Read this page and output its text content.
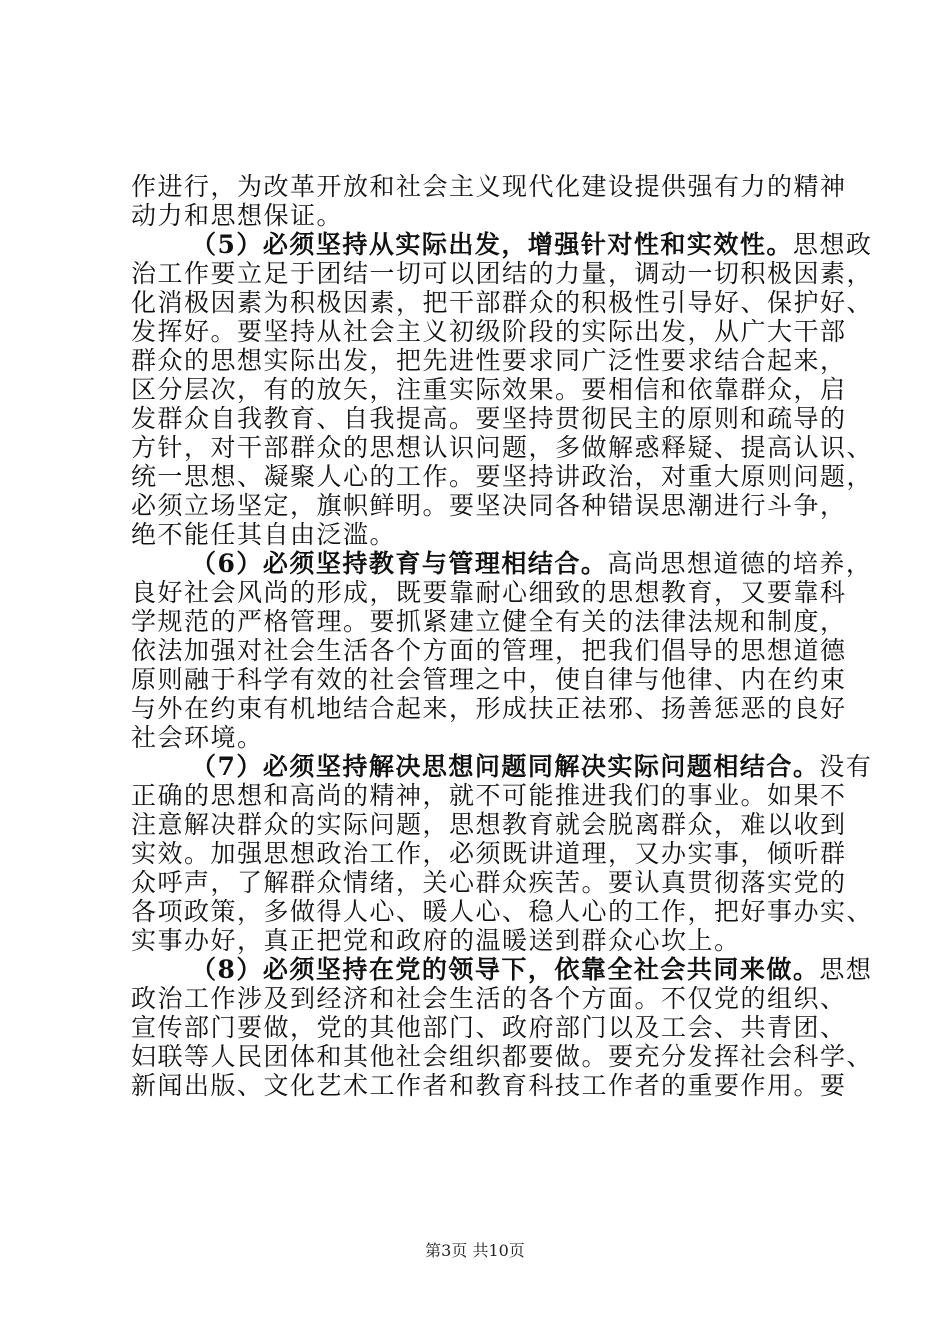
作进行，为改革开放和社会主义现代化建设提供强有力的精神
动力和思想保证。
（5）必须坚持从实际出发，增强针对性和实效性。思想政
治工作要立足于团结一切可以团结的力量，调动一切积极因素，
化消极因素为积极因素，把干部群众的积极性引导好、保护好、
发挥好。要坚持从社会主义初级阶段的实际出发，从广大干部
群众的思想实际出发，把先进性要求同广泛性要求结合起来，
区分层次，有的放矢，注重实际效果。要相信和依靠群众，启
发群众自我教育、自我提高。要坚持贯彻民主的原则和疏导的
方针，对干部群众的思想认识问题，多做解惑释疑、提高认识、
统一思想、凝聚人心的工作。要坚持讲政治，对重大原则问题，
必须立场坚定，旗帜鲜明。要坚决同各种错误思潮进行斗争，
绝不能任其自由泛滥。
（6）必须坚持教育与管理相结合。高尚思想道德的培养，
良好社会风尚的形成，既要靠耐心细致的思想教育，又要靠科
学规范的严格管理。要抓紧建立健全有关的法律法规和制度，
依法加强对社会生活各个方面的管理，把我们倡导的思想道德
原则融于科学有效的社会管理之中，使自律与他律、内在约束
与外在约束有机地结合起来，形成扶正祛邪、扬善惩恶的良好
社会环境。
（7）必须坚持解决思想问题同解决实际问题相结合。没有
正确的思想和高尚的精神，就不可能推进我们的事业。如果不
注意解决群众的实际问题，思想教育就会脱离群众，难以收到
实效。加强思想政治工作，必须既讲道理，又办实事，倾听群
众呼声，了解群众情绪，关心群众疾苦。要认真贯彻落实党的
各项政策，多做得人心、暖人心、稳人心的工作，把好事办实、
实事办好，真正把党和政府的温暖送到群众心坎上。
（8）必须坚持在党的领导下，依靠全社会共同来做。思想
政治工作涉及到经济和社会生活的各个方面。不仅党的组织、
宣传部门要做，党的其他部门、政府部门以及工会、共青团、
妇联等人民团体和其他社会组织都要做。要充分发挥社会科学、
新闻出版、文化艺术工作者和教育科技工作者的重要作用。要
第3页 共10页
